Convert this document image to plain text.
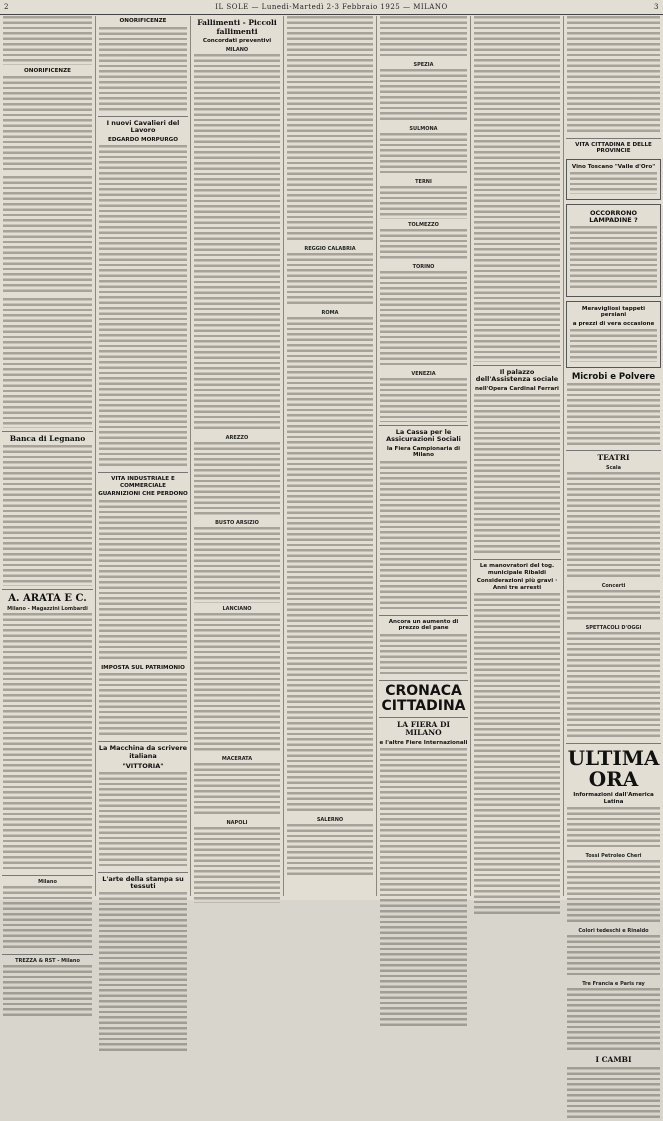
2	IL SOLE — Lunedì-Martedì 2-3 Febbraio 1925 — MILANO	3
ONORIFICENZE
Banca di Legnano
A. ARATA E C.
Milano - Magazzini Lombardi
Milano
TREZZA & RST - Milano
ONORIFICENZE
I nuovi Cavalieri del Lavoro
EDGARDO MORPURGO
VITA INDUSTRIALE E COMMERCIALE
GUARNIZIONI CHE PERDONO
IMPOSTA SUL PATRIMONIO
La Macchina da scrivere italiana
"VITTORIA"
L'arte della stampa su tessuti
Fallimenti - Piccoli fallimenti
Concordati preventivi
MILANO
AREZZO
BUSTO ARSIZIO
LANCIANO
MACERATA
NAPOLI
REGGIO CALABRIA
ROMA
SALERNO
SPEZIA
SULMONA
TERNI
TOLMEZZO
TORINO
VENEZIA
La Cassa per le Assicurazioni Sociali
la Fiera Campionaria di Milano
Ancora un aumento di prezzo del pane
CRONACA CITTADINA
LA FIERA DI MILANO
e l'altre Fiere Internazionali
Il palazzo dell'Assistenza sociale
nell'Opera Cardinal Ferrari
Le manovratori del tog. municipale Ribaldi
Considerazioni più gravi · Anni tre arresti
VITA CITTADINA E DELLE PROVINCIE
Vino Toscano "Valle d'Oro"
OCCORRONO LAMPADINE ?
Meravigliosi tappeti persiani
a prezzi di vera occasione
Microbi e Polvere
TEATRI
Scala
Concerti
SPETTACOLI D'OGGI
ULTIMA ORA
Informazioni dall'America Latina
Tossi Petroleo Cheri
Colori tedeschi e Rinaldo
Tre Francia e Paris ray
I CAMBI
